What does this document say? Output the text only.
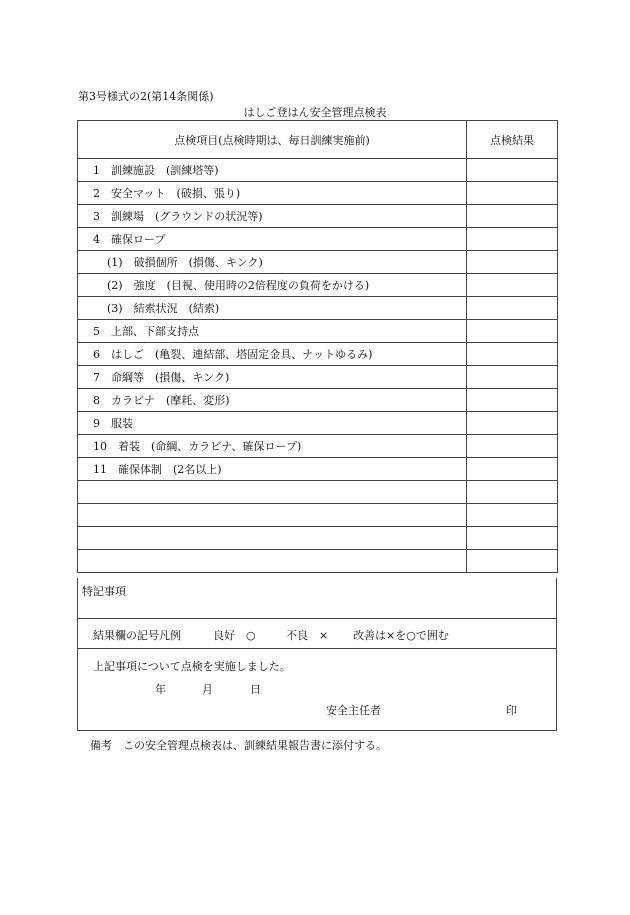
第3号様式の2(第14条関係)
はしご登はん安全管理点検表
点検項目(点検時期は、毎日訓練実施前)	点検結果
1　訓練施設　(訓練塔等)	
2　安全マット　(破損、張り)	
3　訓練場　(グラウンドの状況等)	
4　確保ロープ	
(1)　破損個所　(損傷、キンク)	
(2)　強度　(目視、使用時の2倍程度の負荷をかける)	
(3)　結索状況　(結索)	
5　上部、下部支持点	
6　はしご　(亀裂、連結部、塔固定金具、ナットゆるみ)	
7　命綱等　(損傷、キンク)	
8　カラビナ　(摩耗、変形)	
9　服装	
10　着装　(命綱、カラビナ、確保ロープ)	
11　確保体制　(2名以上)	

特記事項
結果欄の記号凡例	良好　○	不良　× 改善は×を○で囲む
上記事項について点検を実施しました。
年	月	日
安全主任者	印
備考　この安全管理点検表は、訓練結果報告書に添付する。
